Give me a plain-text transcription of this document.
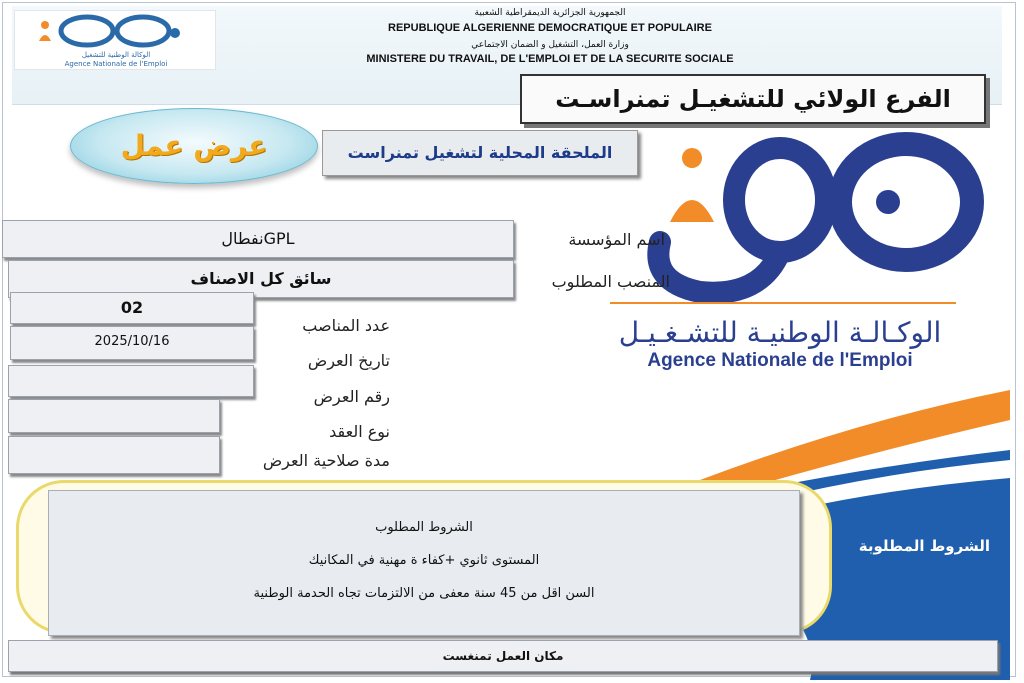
الوكالة الوطنية للتشغيل
Agence Nationale de l'Emploi
الجمهورية الجزائرية الديمقراطية الشعبية
REPUBLIQUE ALGERIENNE DEMOCRATIQUE ET POPULAIRE
وزارة العمل، التشغيل و الضمان الاجتماعي
MINISTERE DU TRAVAIL, DE L'EMPLOI ET DE LA SECURITE SOCIALE
الفرع الولائي للتشغيـل تمنراسـت
عرض عمل	الملحقة المحلية لتشغيل تمنراست
الوكـالـة الوطنيـة للتشـغـيـل
Agence Nationale de l'Emploi
اسم المؤسسة
المنصب المطلوب
عدد المناصب
تاريخ العرض
رقم العرض
نوع العقد
مدة صلاحية العرض
نفطالGPL
سائق كل الاصناف
02
2025/10/16
الشروط المطلوب
المستوى ثانوي +كفاء ة مهنية في المكانيك
السن اقل من 45 سنة معفى من الالتزمات تجاه الحدمة الوطنية
الشروط المطلوبة
مكان العمل تمنغست
